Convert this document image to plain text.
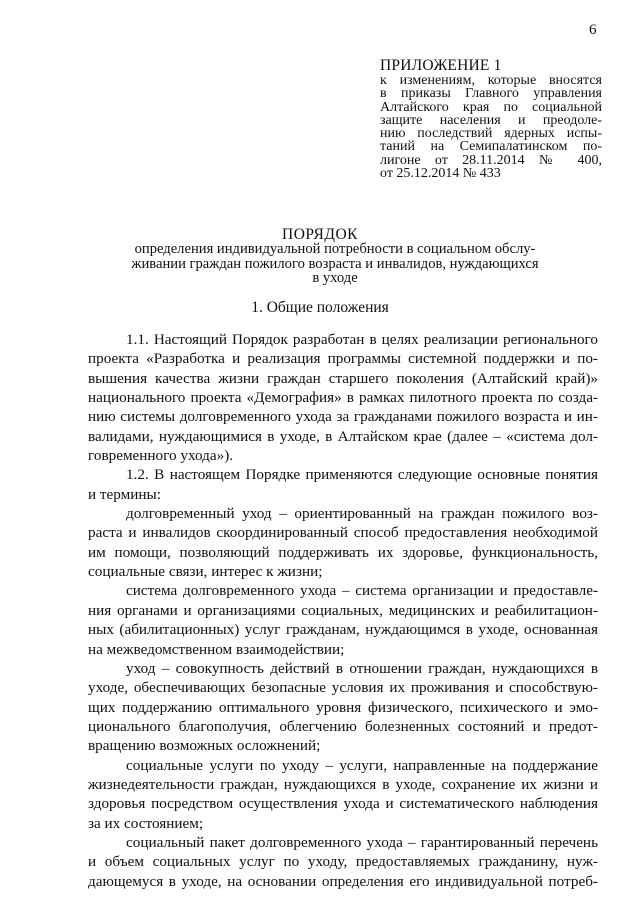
6
ПРИЛОЖЕНИЕ 1
к изменениям, которые вносятся
в приказы Главного управления
Алтайского края по социальной
защите населения и преодоле-
нию последствий ядерных испы-
таний на Семипалатинском по-
лигоне от 28.11.2014 № 400,
от 25.12.2014 № 433
ПОРЯДОК
определения индивидуальной потребности в социальном обслу-
живании граждан пожилого возраста и инвалидов, нуждающихся
в уходе
1. Общие положения
1.1. Настоящий Порядок разработан в целях реализации регионального
проекта «Разработка и реализация программы системной поддержки и по-
вышения качества жизни граждан старшего поколения (Алтайский край)»
национального проекта «Демография» в рамках пилотного проекта по созда-
нию системы долговременного ухода за гражданами пожилого возраста и ин-
валидами, нуждающимися в уходе, в Алтайском крае (далее – «система дол-
говременного ухода»).
1.2. В настоящем Порядке применяются следующие основные понятия
и термины:
долговременный уход – ориентированный на граждан пожилого воз-
раста и инвалидов скоординированный способ предоставления необходимой
им помощи, позволяющий поддерживать их здоровье, функциональность,
социальные связи, интерес к жизни;
система долговременного ухода – система организации и предоставле-
ния органами и организациями социальных, медицинских и реабилитацион-
ных (абилитационных) услуг гражданам, нуждающимся в уходе, основанная
на межведомственном взаимодействии;
уход – совокупность действий в отношении граждан, нуждающихся в
уходе, обеспечивающих безопасные условия их проживания и способствую-
щих поддержанию оптимального уровня физического, психического и эмо-
ционального благополучия, облегчению болезненных состояний и предот-
вращению возможных осложнений;
социальные услуги по уходу – услуги, направленные на поддержание
жизнедеятельности граждан, нуждающихся в уходе, сохранение их жизни и
здоровья посредством осуществления ухода и систематического наблюдения
за их состоянием;
социальный пакет долговременного ухода – гарантированный перечень
и объем социальных услуг по уходу, предоставляемых гражданину, нуж-
дающемуся в уходе, на основании определения его индивидуальной потреб-
